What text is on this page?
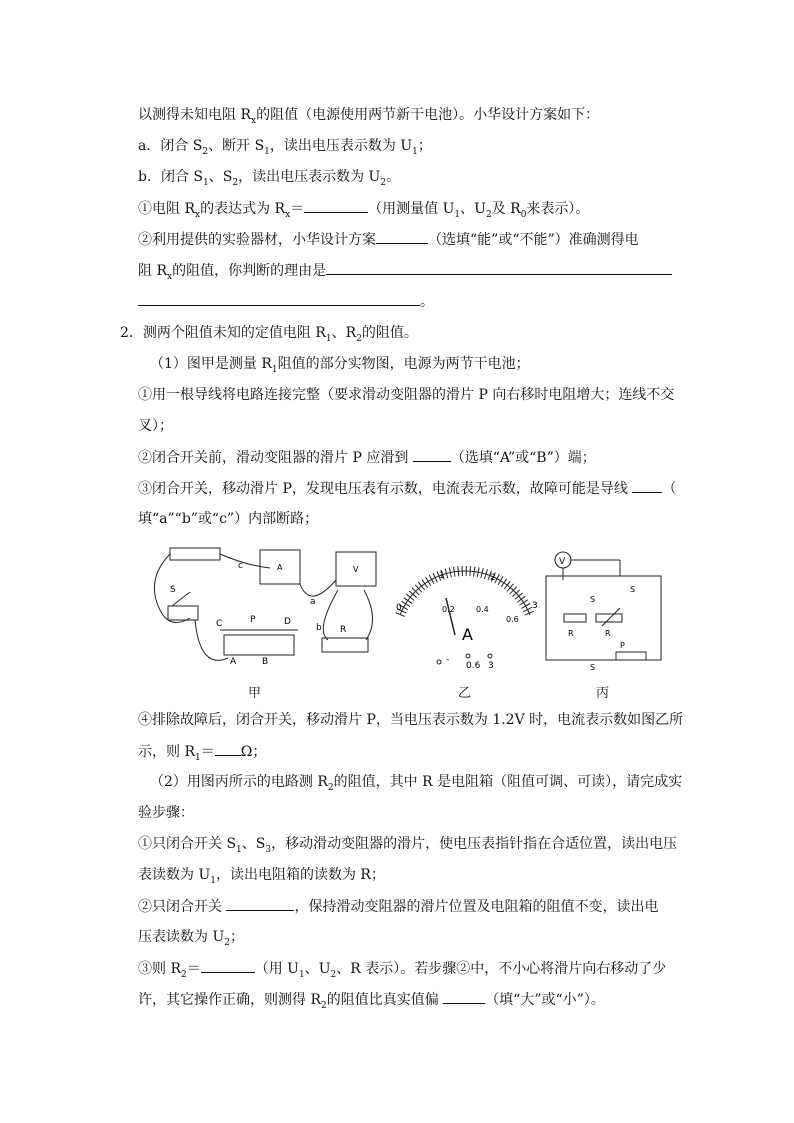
以测得未知电阻 $R_x$的阻值（电源使用两节新干电池）。小华设计方案如下：
a．闭合 $S_2$、断开 $S_1$，读出电压表示数为 $U_1$；
b．闭合 $S_1$、$S_2$，读出电压表示数为 $U_2$。
①电阻 $R_x$的表达式为 $R_x=$	（用测量值 $U_1$、$U_2$及 $R_0$来表示）。
②利用提供的实验器材，小华设计方案	（选填“能”或“不能”）准确测得电
阻 $R_x$的阻值，你判断的理由是
。
2．测两个阻值未知的定值电阻 $R_1$、$R_2$的阻值。
（1）图甲是测量 $R_1$阻值的部分实物图，电源为两节干电池；
①用一根导线将电路连接完整（要求滑动变阻器的滑片 P 向右移时电阻增大；连线不交
叉）；
②闭合开关前，滑动变阻器的滑片 P 应滑到	（选填“A”或“B”）端；
③闭合开关，移动滑片 P，发现电压表有示数，电流表无示数，故障可能是导线 （
填“a”“b”或“c”）内部断路；
c
a
b
S
C	P	D
A	B
R
A	V
0
1	2
3
0.2	0.4
0.6
A
-
0.6 3
V
S
S
R	R
S
P
甲	乙	丙
④排除故障后，闭合开关，移动滑片 P，当电压表示数为 1.2V 时，电流表示数如图乙所
示，则 $R_1= \Omega$；
（2）用图丙所示的电路测 $R_2$的阻值，其中 R 是电阻箱（阻值可调、可读），请完成实
验步骤：
①只闭合开关 $S_1$、$S_3$，移动滑动变阻器的滑片，使电压表指针指在合适位置，读出电压
表读数为 $U_1$，读出电阻箱的读数为 R；
②只闭合开关	，保持滑动变阻器的滑片位置及电阻箱的阻值不变，读出电
压表读数为 $U_2$；
③则 $R_2=$	（用 $U_1$、$U_2$、R 表示）。若步骤②中，不小心将滑片向右移动了少
许，其它操作正确，则测得 $R_2$的阻值比真实值偏	（填“大”或“小”）。
